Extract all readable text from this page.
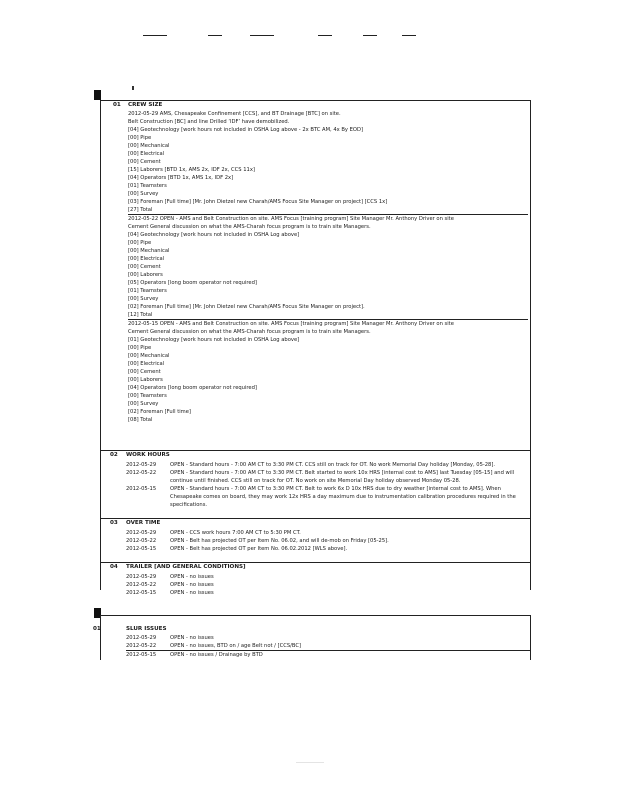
01 CREW SIZE
2012-05-29 AMS, Chesapeake Confinement [CCS], and BT Drainage [BTC] on site.
Belt Construction [BC] and line Drilled ‘IDF’ have demobilized.
[04] Geotechnology [work hours not included in OSHA Log above - 2x BTC AM, 4x By EOD]
[00] Pipe
[00] Mechanical
[00] Electrical
[00] Cement
[15] Laborers [BTD 1x, AMS 2x, IDF 2x, CCS 11x]
[04] Operators [BTD 1x, AMS 1x, IDF 2x]
[01] Teamsters
[00] Survey
[03] Foreman [Full time] [Mr. John Dietzel new Charah/AMS Focus Site Manager on project] [CCS 1x]
[27] Total
2012-05-22 OPEN - AMS and Belt Construction on site. AMS Focus [training program] Site Manager Mr. Anthony Driver on site
Cement General discussion on what the AMS-Charah focus program is to train site Managers.
[04] Geotechnology [work hours not included in OSHA Log above]
[00] Pipe
[00] Mechanical
[00] Electrical
[00] Cement
[00] Laborers
[05] Operators [long boom operator not required]
[01] Teamsters
[00] Survey
[02] Foreman [Full time] [Mr. John Dietzel new Charah/AMS Focus Site Manager on project].
[12] Total
2012-05-15 OPEN - AMS and Belt Construction on site. AMS Focus [training program] Site Manager Mr. Anthony Driver on site
Cement General discussion on what the AMS-Charah focus program is to train site Managers.
[01] Geotechnology [work hours not included in OSHA Log above]
[00] Pipe
[00] Mechanical
[00] Electrical
[00] Cement
[00] Laborers
[04] Operators [long boom operator not required]
[00] Teamsters
[00] Survey
[02] Foreman [Full time]
[08] Total
02 WORK HOURS
2012-05-29	OPEN - Standard hours - 7:00 AM CT to 3:30 PM CT. CCS still on track for OT. No work Memorial Day holiday [Monday, 05-28].
2012-05-22	OPEN - Standard hours - 7:00 AM CT to 3:30 PM CT. Belt started to work 10x HRS [internal cost to AMS] last Tuesday [05-15] and will
continue until finished. CCS still on track for OT. No work on site Memorial Day holiday observed Monday 05-28.
2012-05-15	OPEN - Standard hours - 7:00 AM CT to 3:30 PM CT. Belt to work 6x D 10x HRS due to dry weather [internal cost to AMS]. When
Chesapeake comes on board, they may work 12x HRS a day maximum due to instrumentation calibration procedures required in the
specifications.
03 OVER TIME
2012-05-29	OPEN - CCS work hours 7:00 AM CT to 5:30 PM CT.
2012-05-22	OPEN - Belt has projected OT per Item No. 06.02, and will de-mob on Friday [05-25].
2012-05-15	OPEN - Belt has projected OT per Item No. 06.02.2012 [WLS above].
04 TRAILER [AND GENERAL CONDITIONS]
2012-05-29	OPEN - no issues
2012-05-22	OPEN - no issues
2012-05-15	OPEN - no issues
01	SLUR ISSUES
2012-05-29	OPEN - no issues
2012-05-22	OPEN - no issues, BTD on / age Belt not / [CCS/BC]
2012-05-15	OPEN - no issues / Drainage by BTD
